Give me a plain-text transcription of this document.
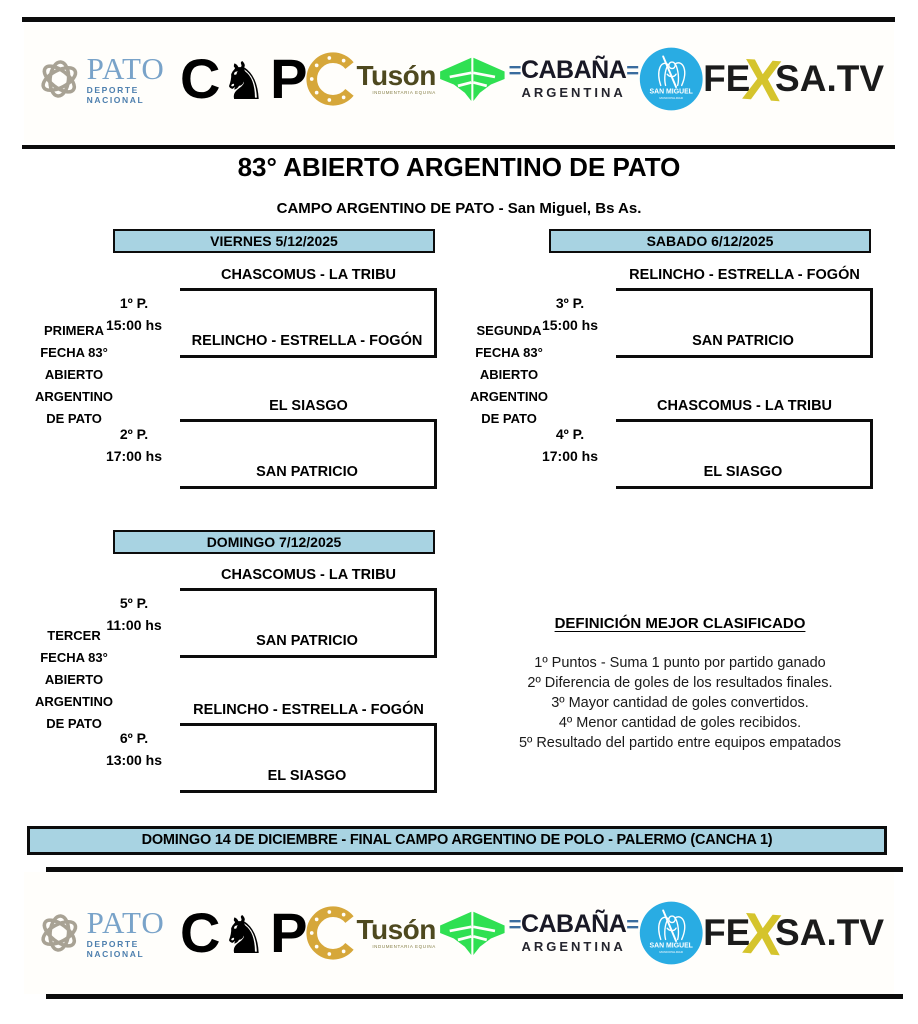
PATO
DEPORTE NACIONAL C ♞ P Tusón
INDUMENTARIA EQUINA
=CABAÑA=
ARGENTINA	SAN MIGUEL
MUNICIPALIDAD FE
X
SA.TV
83° ABIERTO ARGENTINO DE PATO
CAMPO ARGENTINO DE PATO - San Miguel, Bs As.
VIERNES 5/12/2025	SABADO 6/12/2025
DOMINGO 7/12/2025
PRIMERA
FECHA 83°
ABIERTO
ARGENTINO
DE PATO
SEGUNDA
FECHA 83°
ABIERTO
ARGENTINO
DE PATO
TERCER
FECHA 83°
ABIERTO
ARGENTINO
DE PATO
CHASCOMUS - LA TRIBU
RELINCHO - ESTRELLA - FOGÓN
1º P.
15:00 hs
EL SIASGO
SAN PATRICIO
2º P.
17:00 hs
RELINCHO - ESTRELLA - FOGÓN
SAN PATRICIO
3º P.
15:00 hs
CHASCOMUS - LA TRIBU
EL SIASGO
4º P.
17:00 hs
CHASCOMUS - LA TRIBU
SAN PATRICIO
5º P.
11:00 hs
RELINCHO - ESTRELLA - FOGÓN
EL SIASGO
6º P.
13:00 hs
DEFINICIÓN MEJOR CLASIFICADO
1º Puntos - Suma 1 punto por partido ganado
2º Diferencia de goles de los resultados finales.
3º Mayor cantidad de goles convertidos.
4º Menor cantidad de goles recibidos.
5º Resultado del partido entre equipos empatados
DOMINGO 14 DE DICIEMBRE - FINAL CAMPO ARGENTINO DE POLO - PALERMO (CANCHA 1)
PATO
DEPORTE NACIONAL C ♞ P Tusón
INDUMENTARIA EQUINA
=CABAÑA=
ARGENTINA	SAN MIGUEL
MUNICIPALIDAD FE
X
SA.TV
